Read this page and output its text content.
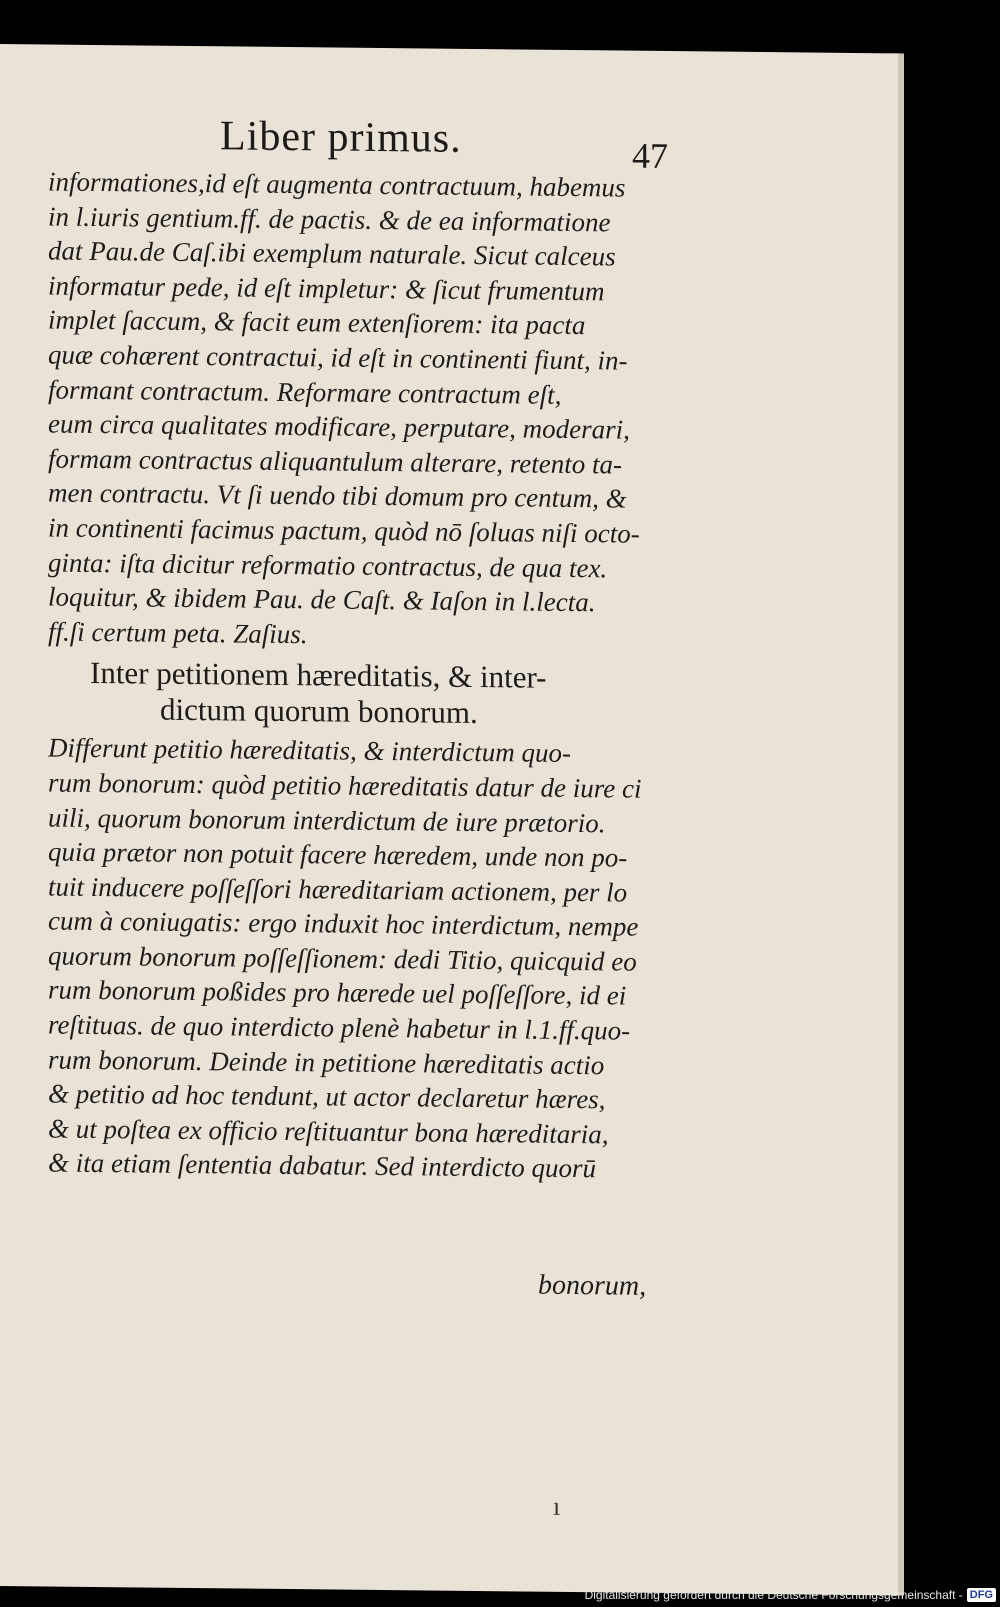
Liber primus.	47
informationes,id eſt augmenta contractuum, habemus
in l.iuris gentium.ff. de pactis. & de ea informatione
dat Pau.de Caſ.ibi exemplum naturale. Sicut calceus
informatur pede, id eſt impletur: & ſicut frumentum
implet ſaccum, & facit eum extenſiorem: ita pacta
quæ cohærent contractui, id eſt in continenti fiunt, in-
formant contractum. Reformare contractum eſt,
eum circa qualitates modificare, perputare, moderari,
formam contractus aliquantulum alterare, retento ta-
men contractu. Vt ſi uendo tibi domum pro centum, &
in continenti facimus pactum, quòd nō ſoluas niſi octo-
ginta: iſta dicitur reformatio contractus, de qua tex.
loquitur, & ibidem Pau. de Caſt. & Iaſon in l.lecta.
ff.ſi certum peta. Zaſius.
Inter petitionem hæreditatis, & inter-
dictum quorum bonorum.
Differunt petitio hæreditatis, & interdictum quo-
rum bonorum: quòd petitio hæreditatis datur de iure ci
uili, quorum bonorum interdictum de iure prætorio.
quia prætor non potuit facere hæredem, unde non po-
tuit inducere poſſeſſori hæreditariam actionem, per lo
cum à coniugatis: ergo induxit hoc interdictum, nempe
quorum bonorum poſſeſſionem: dedi Titio, quicquid eo
rum bonorum poßides pro hærede uel poſſeſſore, id ei
reſtituas. de quo interdicto plenè habetur in l.1.ff.quo-
rum bonorum. Deinde in petitione hæreditatis actio
& petitio ad hoc tendunt, ut actor declaretur hæres,
& ut poſtea ex officio reſtituantur bona hæreditaria,
& ita etiam ſententia dabatur. Sed interdicto quorū
bonorum,
ı
Digitalisierung gefördert durch die Deutsche Forschungsgemeinschaft - DFG
